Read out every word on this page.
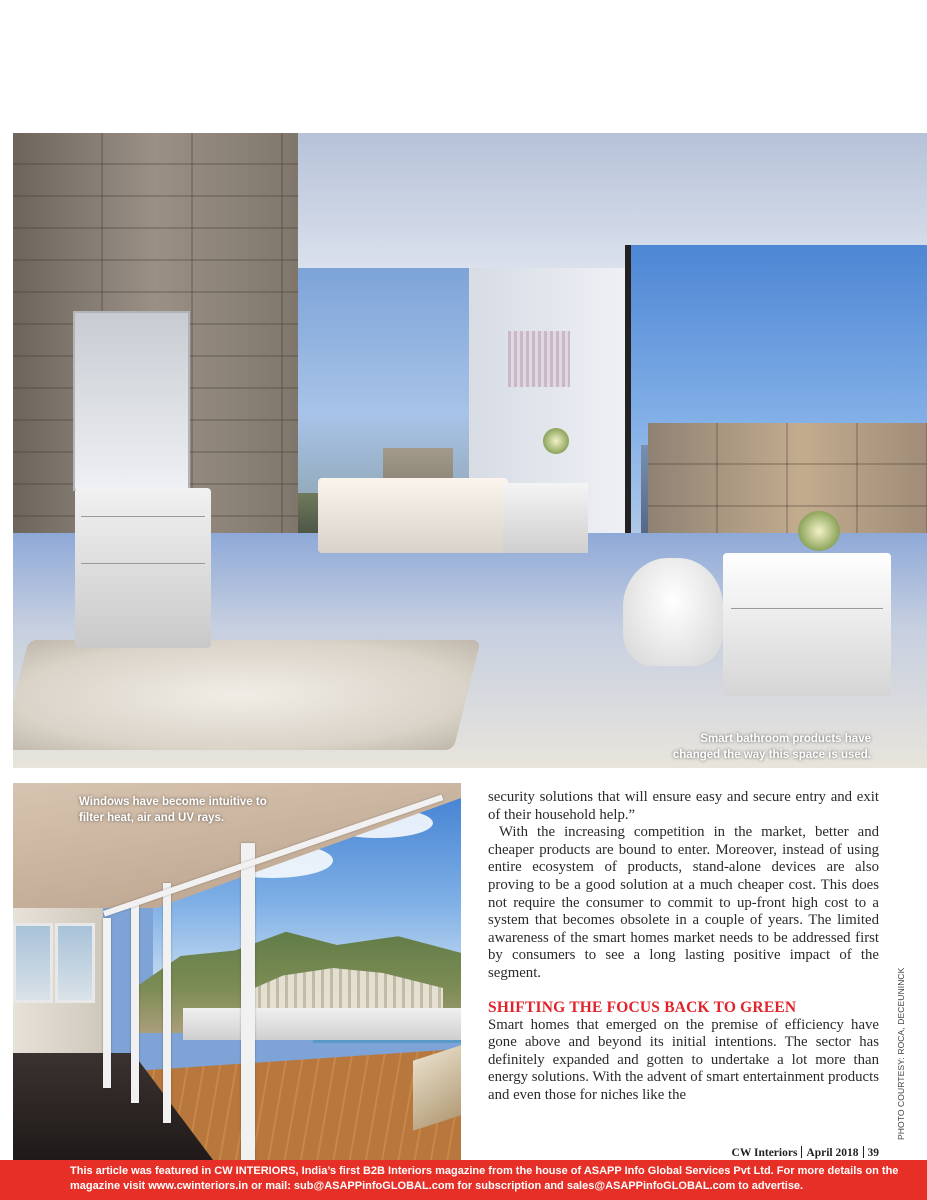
Smart bathroom products have changed the way this space is used.
Windows have become intuitive to filter heat, air and UV rays.

security solutions that will ensure easy and secure entry and exit of their household help.”

With the increasing competition in the market, better and cheaper products are bound to enter. Moreover, instead of using entire ecosystem of products, stand-alone devices are also proving to be a good solution at a much cheaper cost. This does not require the consumer to commit to up-front high cost to a system that becomes obsolete in a couple of years. The limited awareness of the smart homes market needs to be addressed first by consumers to see a long lasting positive impact of the segment.

SHIFTING THE FOCUS BACK TO GREEN

Smart homes that emerged on the premise of efficiency have gone above and beyond its initial intentions. The sector has definitely expanded and gotten to undertake a lot more than energy solutions. With the advent of smart entertainment products and even those for niches like the	PHOTO COURTESY: ROCA, DECEUNINCK
CW Interiors April 2018 39
This article was featured in CW INTERIORS, India’s first B2B Interiors magazine from the house of ASAPP Info Global Services Pvt Ltd. For more details on the magazine visit www.cwinteriors.in or mail: sub@ASAPPinfoGLOBAL.com for subscription and sales@ASAPPinfoGLOBAL.com to advertise.
